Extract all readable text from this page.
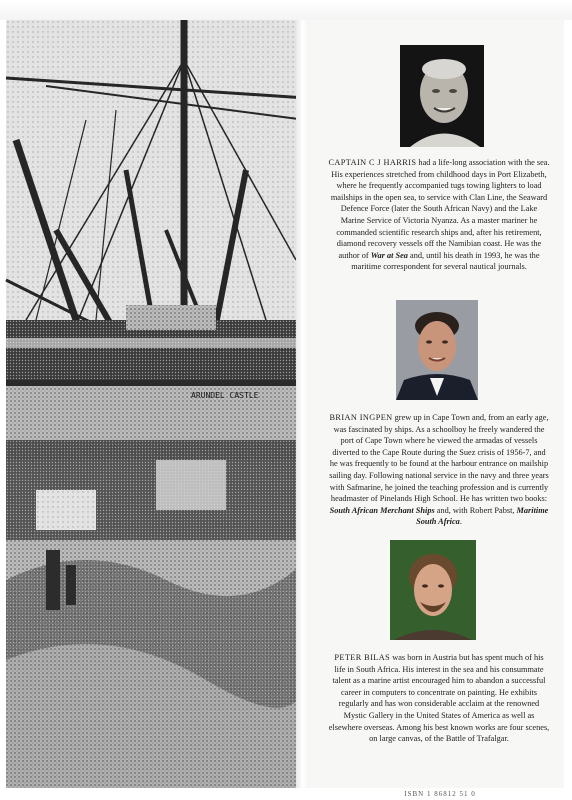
ARUNDEL CASTLE

CAPTAIN C J HARRIS had a life-long association with the sea. His experiences stretched from childhood days in Port Elizabeth, where he frequently accompanied tugs towing lighters to load mailships in the open sea, to service with Clan Line, the Seaward Defence Force (later the South African Navy) and the Lake Marine Service of Victoria Nyanza. As a master mariner he commanded scientific research ships and, after his retirement, diamond recovery vessels off the Namibian coast. He was the author of War at Sea and, until his death in 1993, he was the maritime correspondent for several nautical journals.

BRIAN INGPEN grew up in Cape Town and, from an early age, was fascinated by ships. As a schoolboy he freely wandered the port of Cape Town where he viewed the armadas of vessels diverted to the Cape Route during the Suez crisis of 1956-7, and he was frequently to be found at the harbour entrance on mailship sailing day. Following national service in the navy and three years with Safmarine, he joined the teaching profession and is currently headmaster of Pinelands High School. He has written two books: South African Merchant Ships and, with Robert Pabst, Maritime South Africa.

PETER BILAS was born in Austria but has spent much of his life in South Africa. His interest in the sea and his consummate talent as a marine artist encouraged him to abandon a successful career in computers to concentrate on painting. He exhibits regularly and has won considerable acclaim at the renowned Mystic Gallery in the United States of America as well as elsewhere overseas. Among his best known works are four scenes, on large canvas, of the Battle of Trafalgar.

ISBN 1 86812 51 0
